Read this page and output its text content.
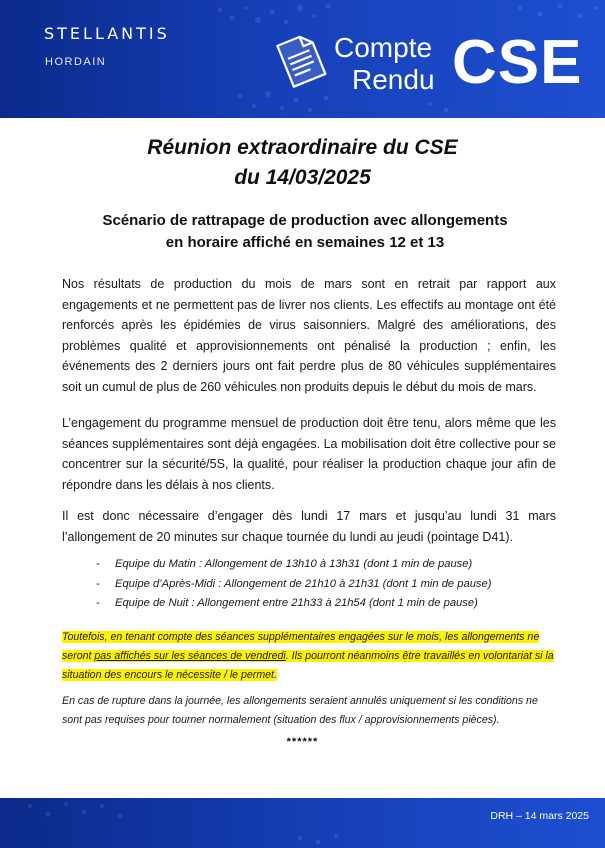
STELLANTIS
HORDAIN	Compte
Rendu CSE
Réunion extraordinaire du CSE
du 14/03/2025
Scénario de rattrapage de production avec allongements
en horaire affiché en semaines 12 et 13

Nos résultats de production du mois de mars sont en retrait par rapport aux engagements et ne permettent pas de livrer nos clients. Les effectifs au montage ont été renforcés après les épidémies de virus saisonniers. Malgré des améliorations, des problèmes qualité et approvisionnements ont pénalisé la production ; enfin, les événements des 2 derniers jours ont fait perdre plus de 80 véhicules supplémentaires soit un cumul de plus de 260 véhicules non produits depuis le début du mois de mars.

L’engagement du programme mensuel de production doit être tenu, alors même que les séances supplémentaires sont déjà engagées. La mobilisation doit être collective pour se concentrer sur la sécurité/5S, la qualité, pour réaliser la production chaque jour afin de répondre dans les délais à nos clients.

Il est donc nécessaire d’engager dès lundi 17 mars et jusqu’au lundi 31 mars l’allongement de 20 minutes sur chaque tournée du lundi au jeudi (pointage D41).

- Equipe du Matin : Allongement de 13h10 à 13h31 (dont 1 min de pause)
- Equipe d’Après-Midi : Allongement de 21h10 à 21h31 (dont 1 min de pause)
- Equipe de Nuit : Allongement entre 21h33 à 21h54 (dont 1 min de pause)

Toutefois, en tenant compte des séances supplémentaires engagées sur le mois, les allongements ne seront pas affichés sur les séances de vendredi. Ils pourront néanmoins être travaillés en volontariat si la situation des encours le nécessite / le permet.

En cas de rupture dans la journée, les allongements seraient annulés uniquement si les conditions ne sont pas requises pour tourner normalement (situation des flux / approvisionnements pièces).

******
DRH – 14 mars 2025
